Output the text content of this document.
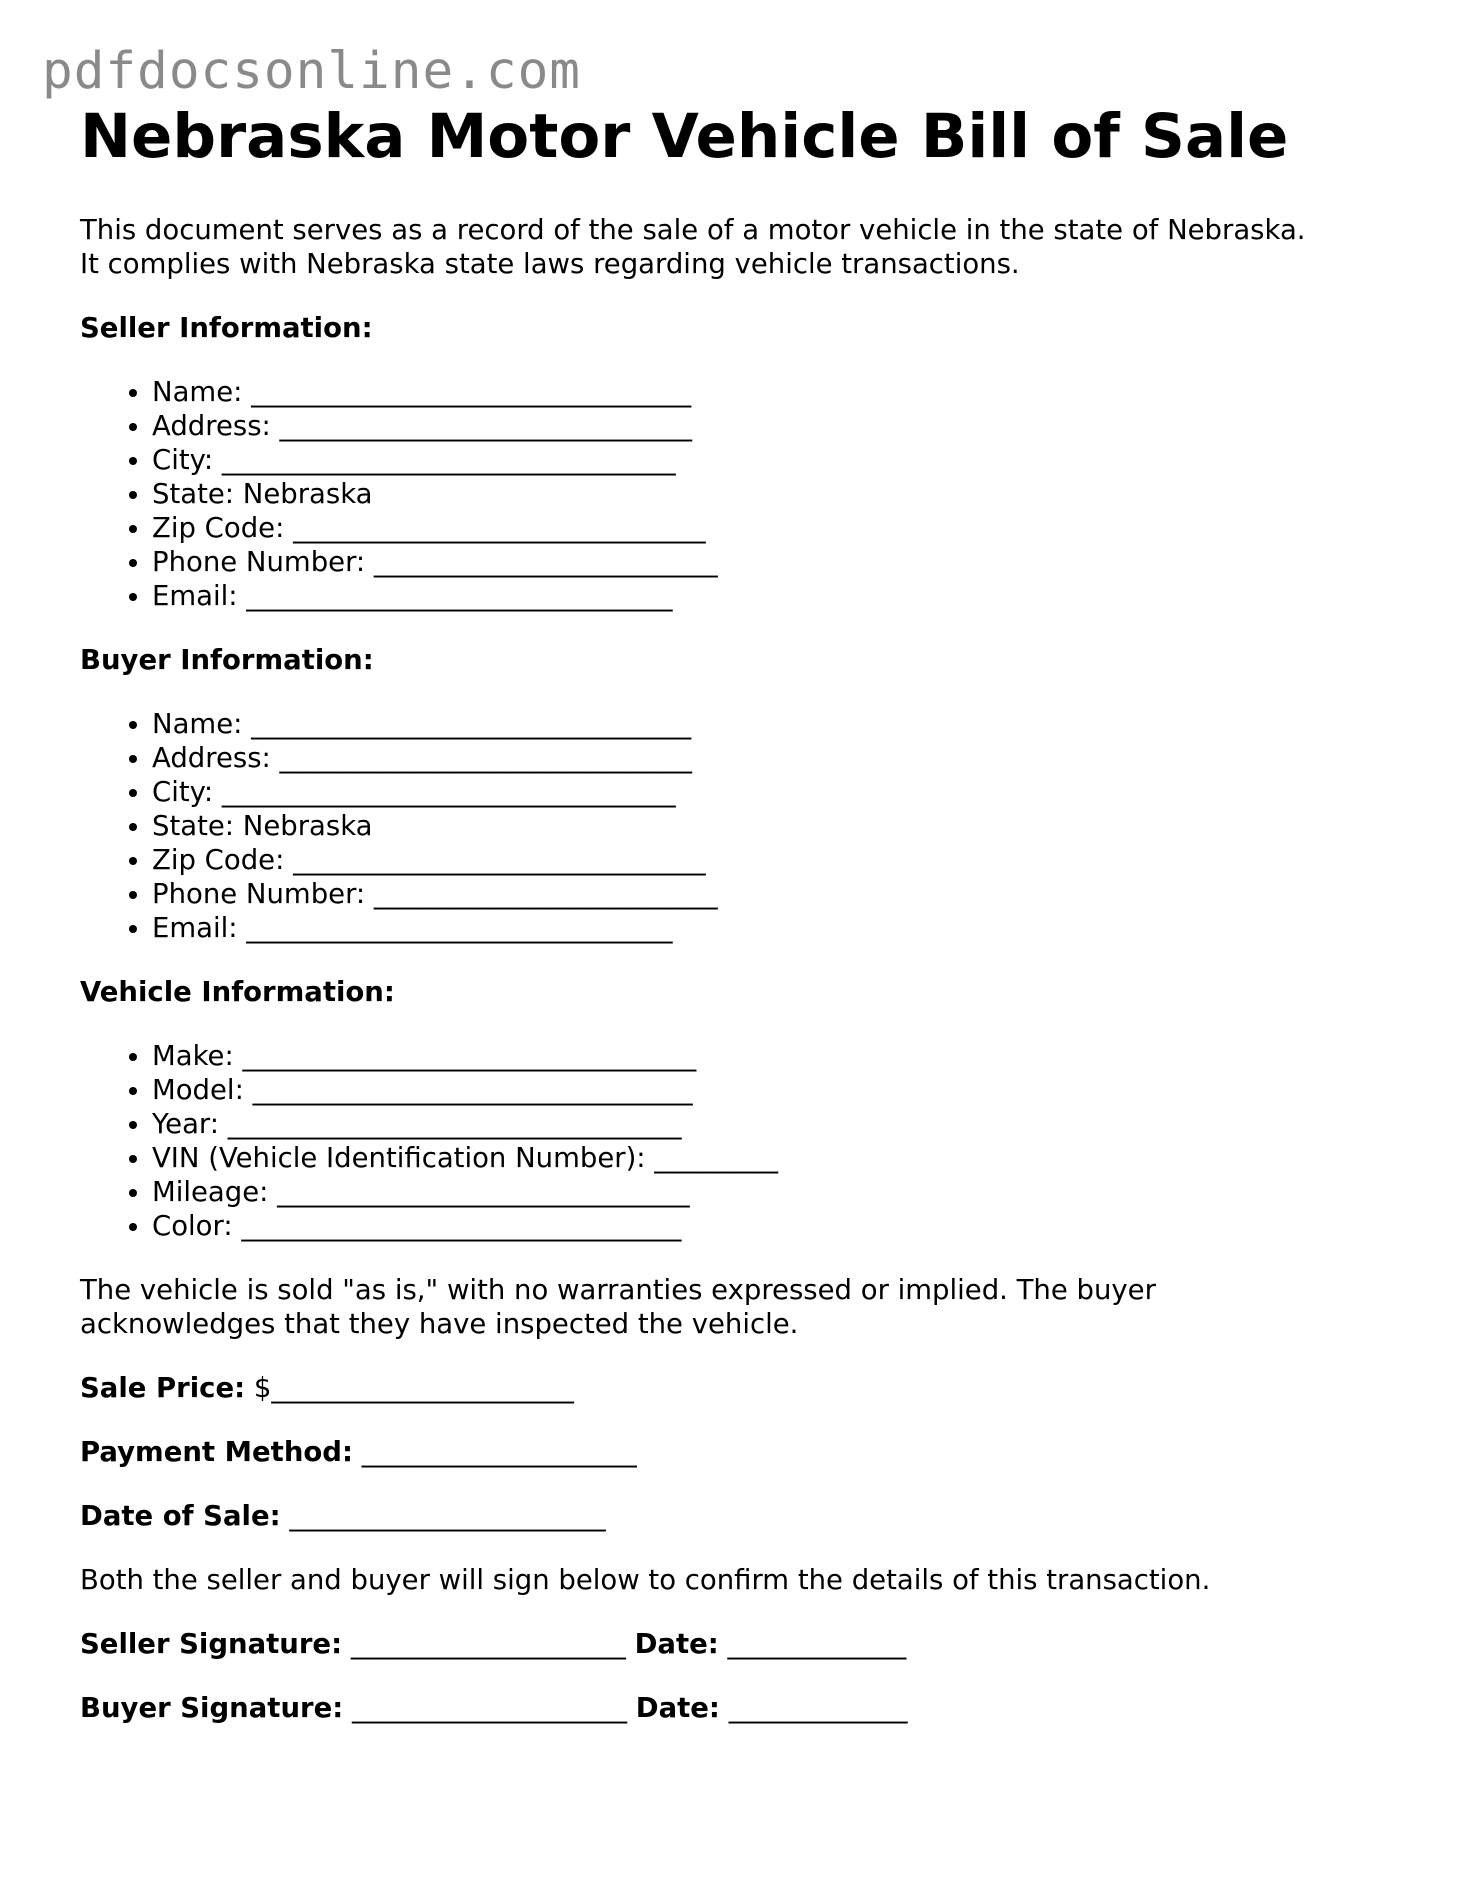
pdfdocsonline.com
Nebraska Motor Vehicle Bill of Sale

This document serves as a record of the sale of a motor vehicle in the state of Nebraska.
It complies with Nebraska state laws regarding vehicle transactions.

Seller Information:
• Name: ________________________________
• Address: ______________________________
• City: _________________________________
• State: Nebraska
• Zip Code: ______________________________
• Phone Number: _________________________
• Email: _______________________________
Buyer Information:
• Name: ________________________________
• Address: ______________________________
• City: _________________________________
• State: Nebraska
• Zip Code: ______________________________
• Phone Number: _________________________
• Email: _______________________________
Vehicle Information:
• Make: _________________________________
• Model: ________________________________
• Year: _________________________________
• VIN (Vehicle Identification Number): _________
• Mileage: ______________________________
• Color: ________________________________

The vehicle is sold "as is," with no warranties expressed or implied. The buyer
acknowledges that they have inspected the vehicle.

Sale Price: $______________________
Payment Method: ____________________
Date of Sale: _______________________
Both the seller and buyer will sign below to confirm the details of this transaction.
Seller Signature: ____________________ Date: _____________
Buyer Signature: ____________________ Date: _____________
